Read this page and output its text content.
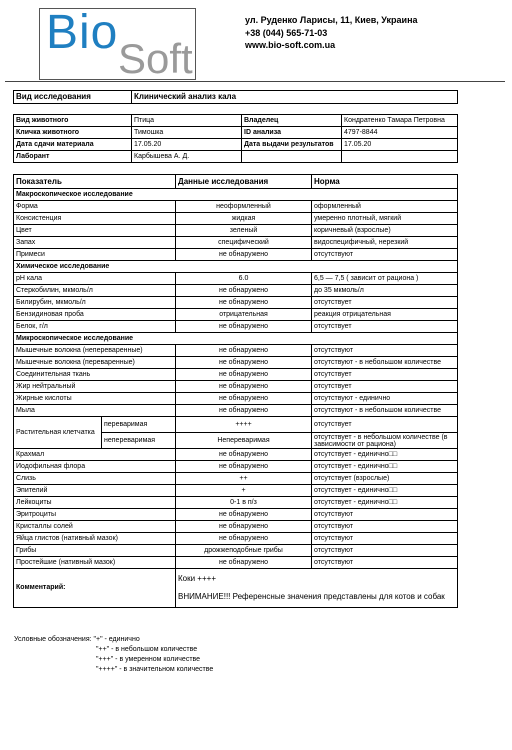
Bio Soft
ул. Руденко Ларисы, 11, Киев, Украина
+38 (044) 565-71-03
www.bio-soft.com.ua
Вид исследования	Клинический анализ кала
Вид животного	Птица	Владелец	Кондратенко Тамара Петровна
Кличка животного	Тимошка	ID анализа	4797-8844
Дата сдачи материала	17.05.20	Дата выдачи результатов	17.05.20
Лаборант	Карбышева А. Д.		
Показатель		Данные исследования	Норма
Макроскопическое исследование			
Форма		неоформленный	оформленный
Консистенция		жидкая	умеренно плотный, мягкий
Цвет		зеленый	коричневый (взрослые)
Запах		специфический	видоспецифичный, нерезкий
Примеси		не обнаружено	отсутствуют
Химическое исследование			
pH кала		6.0	6,5 — 7,5 ( зависит от рациона )
Стеркобилин, мкмоль/л		не обнаружено	до 35 мкмоль/л
Билирубин, мкмоль/л		не обнаружено	отсутствует
Бензидиновая проба		отрицательная	реакция отрицательная
Белок, г/л		не обнаружено	отсутствует
Микроскопическое исследование			
Мышечные волокна (непереваренные)		не обнаружено	отсутствуют
Мышечные волокна (переваренные)		не обнаружено	отсутствуют - в небольшом количестве
Соединительная ткань		не обнаружено	отсутствует
Жир нейтральный		не обнаружено	отсутствует
Жирные кислоты		не обнаружено	отсутствуют - единично
Мыла		не обнаружено	отсутствуют - в небольшом количестве
Растительная клетчатка	переваримая	++++	отсутствует
	непереваримая	Непереваримая	отсутствует - в небольшом количестве (в зависимости от рациона)
Крахмал		не обнаружено	отсутствует - единично□□
Иодофильная флора		не обнаружено	отсутствует - единично□□
Слизь		++	отсутствует (взрослые)
Эпителий		+	отсутствует - единично□□
Лейкоциты		0-1 в п/з	отсутствует - единично□□
Эритроциты		не обнаружено	отсутствуют
Кристаллы солей		не обнаружено	отсутствуют
Яйца глистов (нативный мазок)		не обнаружено	отсутствуют
Грибы		дрожжеподобные грибы	отсутствуют
Простейшие (нативный мазок)		не обнаружено	отсутствуют
Комментарий:		Коки ++++
ВНИМАНИЕ!!! Референсные значения представлены для котов и собак	
Условные обозначения: "+" - единично
"++" - в небольшом количестве
"+++" - в умеренном количестве
"++++" - в значительном количестве
